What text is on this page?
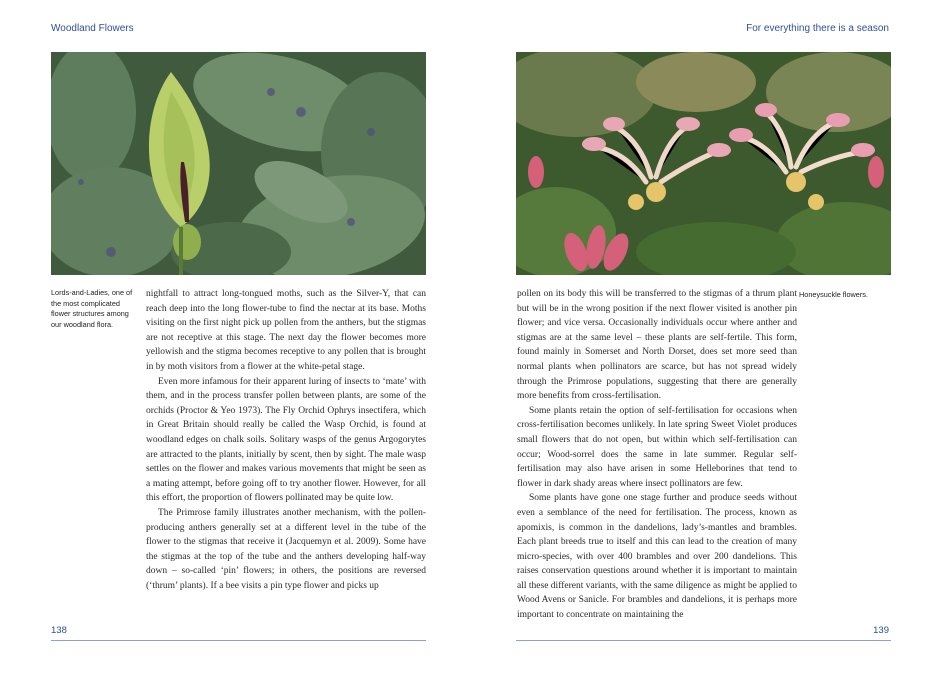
Woodland Flowers
Lords-and-Ladies, one of the most complicated flower structures among our woodland flora.

nightfall to attract long-tongued moths, such as the Silver-Y, that can reach deep into the long flower-tube to find the nectar at its base. Moths visiting on the first night pick up pollen from the anthers, but the stigmas are not receptive at this stage. The next day the flower becomes more yellowish and the stigma becomes receptive to any pollen that is brought in by moth visitors from a flower at the white-petal stage.

Even more infamous for their apparent luring of insects to ‘mate’ with them, and in the process transfer pollen between plants, are some of the orchids (Proctor & Yeo 1973). The Fly Orchid Ophrys insectifera, which in Great Britain should really be called the Wasp Orchid, is found at woodland edges on chalk soils. Solitary wasps of the genus Argogorytes are attracted to the plants, initially by scent, then by sight. The male wasp settles on the flower and makes various movements that might be seen as a mating attempt, before going off to try another flower. However, for all this effort, the proportion of flowers pollinated may be quite low.

The Primrose family illustrates another mechanism, with the pollen-producing anthers generally set at a different level in the tube of the flower to the stigmas that receive it (Jacquemyn et al. 2009). Some have the stigmas at the top of the tube and the anthers developing half-way down – so-called ‘pin’ flowers; in others, the positions are reversed (‘thrum’ plants). If a bee visits a pin type flower and picks up

138
For everything there is a season
Honeysuckle flowers.

pollen on its body this will be transferred to the stigmas of a thrum plant but will be in the wrong position if the next flower visited is another pin flower; and vice versa. Occasionally individuals occur where anther and stigmas are at the same level – these plants are self-fertile. This form, found mainly in Somerset and North Dorset, does set more seed than normal plants when pollinators are scarce, but has not spread widely through the Primrose populations, suggesting that there are generally more benefits from cross-fertilisation.

Some plants retain the option of self-fertilisation for occasions when cross-fertilisation becomes unlikely. In late spring Sweet Violet produces small flowers that do not open, but within which self-fertilisation can occur; Wood-sorrel does the same in late summer. Regular self-fertilisation may also have arisen in some Helleborines that tend to flower in dark shady areas where insect pollinators are few.

Some plants have gone one stage further and produce seeds without even a semblance of the need for fertilisation. The process, known as apomixis, is common in the dandelions, lady’s-mantles and brambles. Each plant breeds true to itself and this can lead to the creation of many micro-species, with over 400 brambles and over 200 dandelions. This raises conservation questions around whether it is important to maintain all these different variants, with the same diligence as might be applied to Wood Avens or Sanicle. For brambles and dandelions, it is perhaps more important to concentrate on maintaining the

139
